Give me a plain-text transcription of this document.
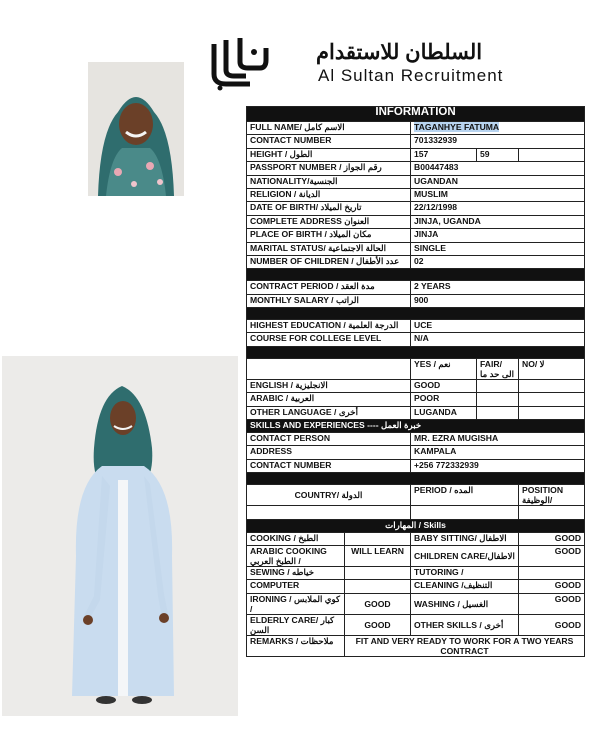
السلطان للاستقدام
Al Sultan Recruitment
INFORMATION				
FULL NAME/ الاسم كامل		TAGANHYE FATUMA		
CONTACT NUMBER		701332939		
HEIGHT / الطول		157	59	
PASSPORT NUMBER / رقم الجواز		B00447483		
NATIONALITY/الجنسية		UGANDAN		
RELIGION / الديانة		MUSLIM		
DATE OF BIRTH/ تاريخ الميلاد		22/12/1998		
COMPLETE ADDRESS العنوان		JINJA, UGANDA		
PLACE OF BIRTH / مكان الميلاد		JINJA		
MARITAL STATUS/ الحالة الاجتماعية		SINGLE		
NUMBER OF CHILDREN / عدد الأطفال		02		

CONTRACT PERIOD / مدة العقد		2 YEARS		
MONTHLY SALARY / الراتب		900		

HIGHEST EDUCATION / الدرجة العلمية		UCE		
COURSE FOR COLLEGE LEVEL		N/A		

		YES / نعم	FAIR/ الى حد ما	NO/ لا
ENGLISH / الانجليزية		GOOD		
ARABIC / العربية		POOR		
OTHER LANGUAGE / أخرى		LUGANDA		
SKILLS AND EXPERIENCES ---- خبرة العمل				
CONTACT PERSON		MR. EZRA MUGISHA		
ADDRESS		KAMPALA		
CONTACT NUMBER		+256 772332939		

COUNTRY/ الدولة		PERIOD / المده		POSITION الوظيفة/

المهارات / Skills				
COOKING / الطبخ		BABY SITTING/ الاطفال		GOOD
ARABIC COOKING الطبخ العربي /	WILL LEARN	CHILDREN CARE/الاطفال		GOOD
SEWING / خياطه		TUTORING /		
COMPUTER		CLEANING /التنظيف		GOOD
IRONING / كوي الملابس /	GOOD	WASHING / الغسيل		GOOD
ELDERLY CARE/ كبار السن	GOOD	OTHER SKILLS / أخرى		GOOD
REMARKS / ملاحظات	FIT AND VERY READY TO WORK FOR A TWO YEARS CONTRACT			
